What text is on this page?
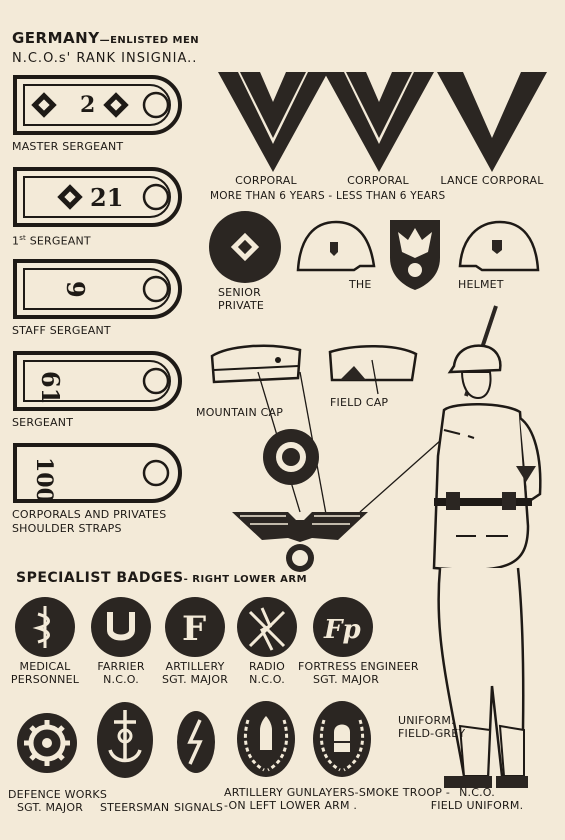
GERMANY—ENLISTED MEN
N.C.O.s' RANK INSIGNIA..
2
MASTER SERGEANT
21
1st SERGEANT
9
STAFF SERGEANT
61
SERGEANT
100
CORPORALS AND PRIVATES
SHOULDER STRAPS
CORPORAL	CORPORAL	LANCE CORPORAL
MORE THAN 6 YEARS - LESS THAN 6 YEARS
SENIOR
PRIVATE
THE	HELMET
MOUNTAIN CAP
FIELD CAP
SPECIALIST BADGES- RIGHT LOWER ARM
F	Fp
MEDICAL
PERSONNEL
FARRIER
N.C.O.
ARTILLERY
SGT. MAJOR
RADIO
N.C.O.
FORTRESS ENGINEER
SGT. MAJOR
DEFENCE WORKS
SGT. MAJOR	STEERSMAN SIGNALS
ARTILLERY GUNLAYERS-SMOKE TROOP -
-ON LEFT LOWER ARM .
UNIFORM:
FIELD-GREY
N.C.O.
FIELD UNIFORM.
